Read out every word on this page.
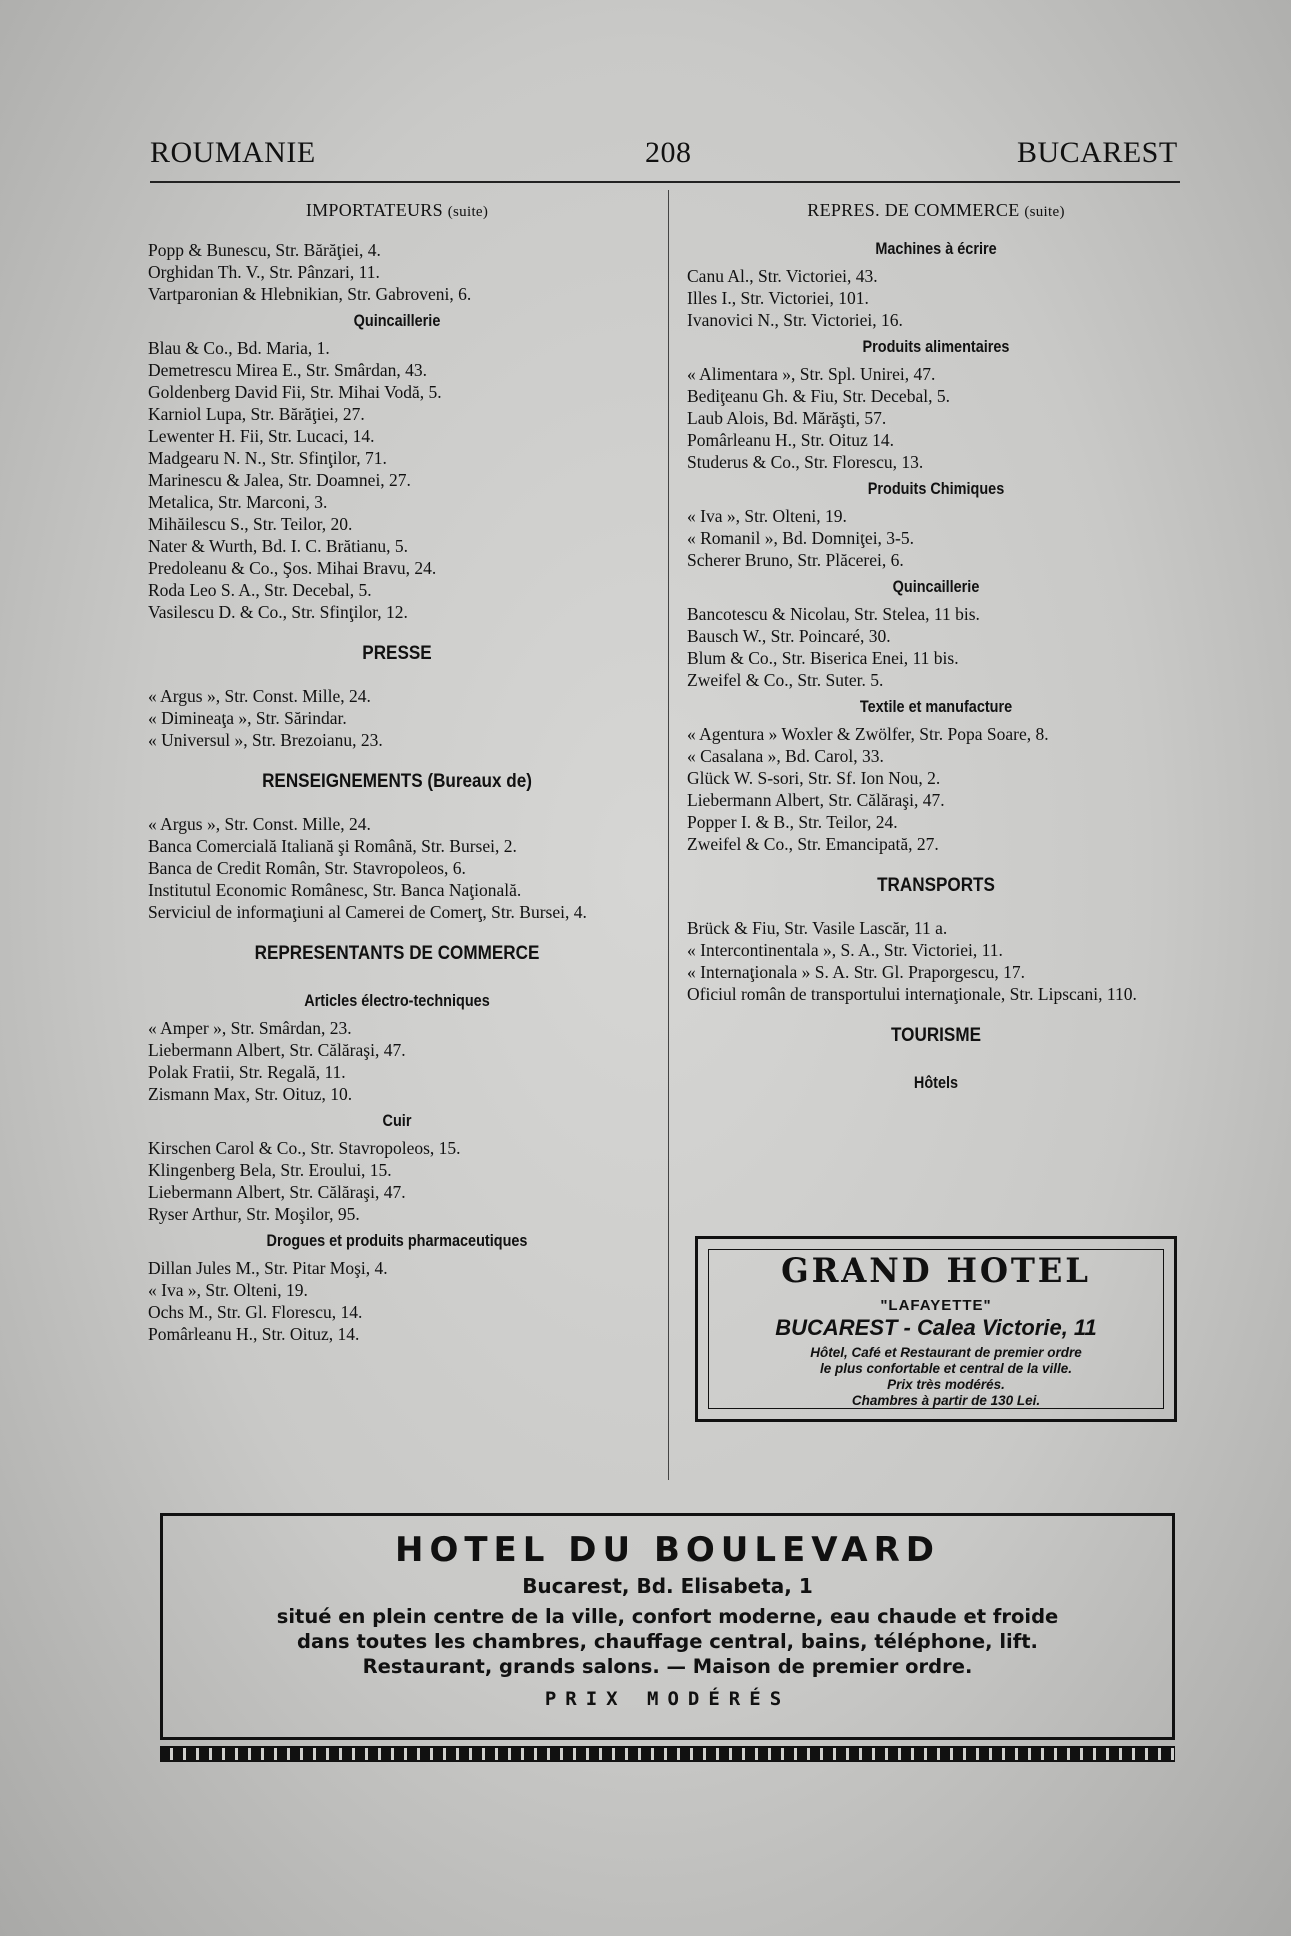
ROUMANIE	208	BUCAREST
IMPORTATEURS (suite)
Popp & Bunescu, Str. Bărăţiei, 4.
Orghidan Th. V., Str. Pânzari, 11.
Vartparonian & Hlebnikian, Str. Gabroveni, 6.
Quincaillerie
Blau & Co., Bd. Maria, 1.
Demetrescu Mirea E., Str. Smârdan, 43.
Goldenberg David Fii, Str. Mihai Vodă, 5.
Karniol Lupa, Str. Bărăţiei, 27.
Lewenter H. Fii, Str. Lucaci, 14.
Madgearu N. N., Str. Sfinţilor, 71.
Marinescu & Jalea, Str. Doamnei, 27.
Metalica, Str. Marconi, 3.
Mihăilescu S., Str. Teilor, 20.
Nater & Wurth, Bd. I. C. Brătianu, 5.
Predoleanu & Co., Şos. Mihai Bravu, 24.
Roda Leo S. A., Str. Decebal, 5.
Vasilescu D. & Co., Str. Sfinţilor, 12.
PRESSE
« Argus », Str. Const. Mille, 24.
« Dimineaţa », Str. Sărindar.
« Universul », Str. Brezoianu, 23.
RENSEIGNEMENTS (Bureaux de)
« Argus », Str. Const. Mille, 24.
Banca Comercială Italiană şi Română, Str. Bursei, 2.
Banca de Credit Român, Str. Stavropoleos, 6.
Institutul Economic Românesc, Str. Banca Naţională.
Serviciul de informaţiuni al Camerei de Comerţ, Str. Bursei, 4.
REPRESENTANTS DE COMMERCE
Articles électro-techniques
« Amper », Str. Smârdan, 23.
Liebermann Albert, Str. Călăraşi, 47.
Polak Fratii, Str. Regală, 11.
Zismann Max, Str. Oituz, 10.
Cuir
Kirschen Carol & Co., Str. Stavropoleos, 15.
Klingenberg Bela, Str. Eroului, 15.
Liebermann Albert, Str. Călăraşi, 47.
Ryser Arthur, Str. Moşilor, 95.
Drogues et produits pharmaceutiques
Dillan Jules M., Str. Pitar Moşi, 4.
« Iva », Str. Olteni, 19.
Ochs M., Str. Gl. Florescu, 14.
Pomârleanu H., Str. Oituz, 14.
REPRES. DE COMMERCE (suite)
Machines à écrire
Canu Al., Str. Victoriei, 43.
Illes I., Str. Victoriei, 101.
Ivanovici N., Str. Victoriei, 16.
Produits alimentaires
« Alimentara », Str. Spl. Unirei, 47.
Bediţeanu Gh. & Fiu, Str. Decebal, 5.
Laub Alois, Bd. Mărăşti, 57.
Pomârleanu H., Str. Oituz 14.
Studerus & Co., Str. Florescu, 13.
Produits Chimiques
« Iva », Str. Olteni, 19.
« Romanil », Bd. Domniţei, 3-5.
Scherer Bruno, Str. Plăcerei, 6.
Quincaillerie
Bancotescu & Nicolau, Str. Stelea, 11 bis.
Bausch W., Str. Poincaré, 30.
Blum & Co., Str. Biserica Enei, 11 bis.
Zweifel & Co., Str. Suter. 5.
Textile et manufacture
« Agentura » Woxler & Zwölfer, Str. Popa Soare, 8.
« Casalana », Bd. Carol, 33.
Glück W. S-sori, Str. Sf. Ion Nou, 2.
Liebermann Albert, Str. Călăraşi, 47.
Popper I. & B., Str. Teilor, 24.
Zweifel & Co., Str. Emancipată, 27.
TRANSPORTS
Brück & Fiu, Str. Vasile Lascăr, 11 a.
« Intercontinentala », S. A., Str. Victoriei, 11.
« Internaţionala » S. A. Str. Gl. Praporgescu, 17.
Oficiul român de transportului internaţionale, Str. Lipscani, 110.
TOURISME
Hôtels
GRAND HOTEL
"LAFAYETTE"
BUCAREST - Calea Victorie, 11
Hôtel, Café et Restaurant de premier ordre
le plus confortable et central de la ville.
Prix très modérés.
Chambres à partir de 130 Lei.
HOTEL DU BOULEVARD
Bucarest, Bd. Elisabeta, 1
situé en plein centre de la ville, confort moderne, eau chaude et froide
dans toutes les chambres, chauffage central, bains, téléphone, lift.
Restaurant, grands salons. — Maison de premier ordre.
PRIX MODÉRÉS
